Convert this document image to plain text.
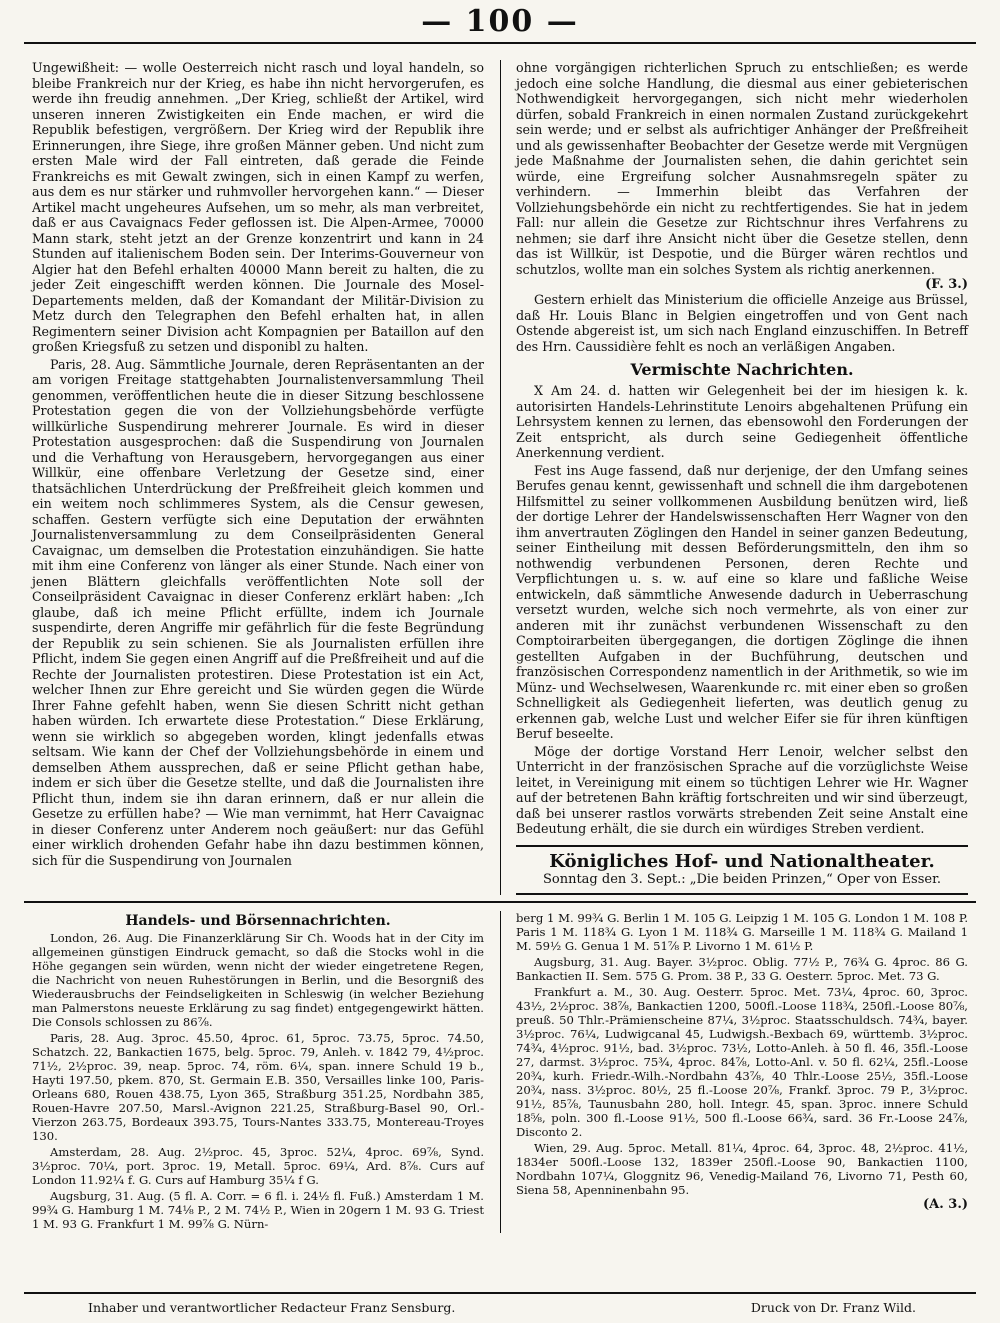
— 100 —

Ungewißheit: — wolle Oesterreich nicht rasch und loyal handeln, so bleibe Frankreich nur der Krieg, es habe ihn nicht hervorgerufen, es werde ihn freudig annehmen. „Der Krieg, schließt der Artikel, wird unseren inneren Zwistigkeiten ein Ende machen, er wird die Republik befestigen, vergrößern. Der Krieg wird der Republik ihre Erinnerungen, ihre Siege, ihre großen Männer geben. Und nicht zum ersten Male wird der Fall eintreten, daß gerade die Feinde Frankreichs es mit Gewalt zwingen, sich in einen Kampf zu werfen, aus dem es nur stärker und ruhmvoller hervorgehen kann.“ — Dieser Artikel macht ungeheures Aufsehen, um so mehr, als man verbreitet, daß er aus Cavaignacs Feder geflossen ist. Die Alpen-Armee, 70000 Mann stark, steht jetzt an der Grenze konzentrirt und kann in 24 Stunden auf italienischem Boden sein. Der Interims-Gouverneur von Algier hat den Befehl erhalten 40000 Mann bereit zu halten, die zu jeder Zeit eingeschifft werden können. Die Journale des Mosel-Departements melden, daß der Komandant der Militär-Division zu Metz durch den Telegraphen den Befehl erhalten hat, in allen Regimentern seiner Division acht Kompagnien per Bataillon auf den großen Kriegsfuß zu setzen und disponibl zu halten.

Paris, 28. Aug. Sämmtliche Journale, deren Repräsentanten an der am vorigen Freitage stattgehabten Journalistenversammlung Theil genommen, veröffentlichen heute die in dieser Sitzung beschlossene Protestation gegen die von der Vollziehungsbehörde verfügte willkürliche Suspendirung mehrerer Journale. Es wird in dieser Protestation ausgesprochen: daß die Suspendirung von Journalen und die Verhaftung von Herausgebern, hervorgegangen aus einer Willkür, eine offenbare Verletzung der Gesetze sind, einer thatsächlichen Unterdrückung der Preßfreiheit gleich kommen und ein weitem noch schlimmeres System, als die Censur gewesen, schaffen. Gestern verfügte sich eine Deputation der erwähnten Journalistenversammlung zu dem Conseilpräsidenten General Cavaignac, um demselben die Protestation einzuhändigen. Sie hatte mit ihm eine Conferenz von länger als einer Stunde. Nach einer von jenen Blättern gleichfalls veröffentlichten Note soll der Conseilpräsident Cavaignac in dieser Conferenz erklärt haben: „Ich glaube, daß ich meine Pflicht erfüllte, indem ich Journale suspendirte, deren Angriffe mir gefährlich für die feste Begründung der Republik zu sein schienen. Sie als Journalisten erfüllen ihre Pflicht, indem Sie gegen einen Angriff auf die Preßfreiheit und auf die Rechte der Journalisten protestiren. Diese Protestation ist ein Act, welcher Ihnen zur Ehre gereicht und Sie würden gegen die Würde Ihrer Fahne gefehlt haben, wenn Sie diesen Schritt nicht gethan haben würden. Ich erwartete diese Protestation.“ Diese Erklärung, wenn sie wirklich so abgegeben worden, klingt jedenfalls etwas seltsam. Wie kann der Chef der Vollziehungsbehörde in einem und demselben Athem aussprechen, daß er seine Pflicht gethan habe, indem er sich über die Gesetze stellte, und daß die Journalisten ihre Pflicht thun, indem sie ihn daran erinnern, daß er nur allein die Gesetze zu erfüllen habe? — Wie man vernimmt, hat Herr Cavaignac in dieser Conferenz unter Anderem noch geäußert: nur das Gefühl einer wirklich drohenden Gefahr habe ihn dazu bestimmen können, sich für die Suspendirung von Journalen

ohne vorgängigen richterlichen Spruch zu entschließen; es werde jedoch eine solche Handlung, die diesmal aus einer gebieterischen Nothwendigkeit hervorgegangen, sich nicht mehr wiederholen dürfen, sobald Frankreich in einen normalen Zustand zurückgekehrt sein werde; und er selbst als aufrichtiger Anhänger der Preßfreiheit und als gewissenhafter Beobachter der Gesetze werde mit Vergnügen jede Maßnahme der Journalisten sehen, die dahin gerichtet sein würde, eine Ergreifung solcher Ausnahmsregeln später zu verhindern. — Immerhin bleibt das Verfahren der Vollziehungsbehörde ein nicht zu rechtfertigendes. Sie hat in jedem Fall: nur allein die Gesetze zur Richtschnur ihres Verfahrens zu nehmen; sie darf ihre Ansicht nicht über die Gesetze stellen, denn das ist Willkür, ist Despotie, und die Bürger wären rechtlos und schutzlos, wollte man ein solches System als richtig anerkennen.

(F. 3.)

Gestern erhielt das Ministerium die officielle Anzeige aus Brüssel, daß Hr. Louis Blanc in Belgien eingetroffen und von Gent nach Ostende abgereist ist, um sich nach England einzuschiffen. In Betreff des Hrn. Caussidière fehlt es noch an verläßigen Angaben.

Vermischte Nachrichten.

X Am 24. d. hatten wir Gelegenheit bei der im hiesigen k. k. autorisirten Handels-Lehrinstitute Lenoirs abgehaltenen Prüfung ein Lehrsystem kennen zu lernen, das ebensowohl den Forderungen der Zeit entspricht, als durch seine Gediegenheit öffentliche Anerkennung verdient.

Fest ins Auge fassend, daß nur derjenige, der den Umfang seines Berufes genau kennt, gewissenhaft und schnell die ihm dargebotenen Hilfsmittel zu seiner vollkommenen Ausbildung benützen wird, ließ der dortige Lehrer der Handelswissenschaften Herr Wagner von den ihm anvertrauten Zöglingen den Handel in seiner ganzen Bedeutung, seiner Eintheilung mit dessen Beförderungsmitteln, den ihm so nothwendig verbundenen Personen, deren Rechte und Verpflichtungen u. s. w. auf eine so klare und faßliche Weise entwickeln, daß sämmtliche Anwesende dadurch in Ueberraschung versetzt wurden, welche sich noch vermehrte, als von einer zur anderen mit ihr zunächst verbundenen Wissenschaft zu den Comptoirarbeiten übergegangen, die dortigen Zöglinge die ihnen gestellten Aufgaben in der Buchführung, deutschen und französischen Correspondenz namentlich in der Arithmetik, so wie im Münz- und Wechselwesen, Waarenkunde rc. mit einer eben so großen Schnelligkeit als Gediegenheit lieferten, was deutlich genug zu erkennen gab, welche Lust und welcher Eifer sie für ihren künftigen Beruf beseelte.

Möge der dortige Vorstand Herr Lenoir, welcher selbst den Unterricht in der französischen Sprache auf die vorzüglichste Weise leitet, in Vereinigung mit einem so tüchtigen Lehrer wie Hr. Wagner auf der betretenen Bahn kräftig fortschreiten und wir sind überzeugt, daß bei unserer rastlos vorwärts strebenden Zeit seine Anstalt eine Bedeutung erhält, die sie durch ein würdiges Streben verdient.

Königliches Hof- und Nationaltheater.
Sonntag den 3. Sept.: „Die beiden Prinzen,“ Oper von Esser.
Handels- und Börsennachrichten.

London, 26. Aug. Die Finanzerklärung Sir Ch. Woods hat in der City im allgemeinen günstigen Eindruck gemacht, so daß die Stocks wohl in die Höhe gegangen sein würden, wenn nicht der wieder eingetretene Regen, die Nachricht von neuen Ruhestörungen in Berlin, und die Besorgniß des Wiederausbruchs der Feindseligkeiten in Schleswig (in welcher Beziehung man Palmerstons neueste Erklärung zu sag findet) entgegengewirkt hätten. Die Consols schlossen zu 86⅞.

Paris, 28. Aug. 3proc. 45.50, 4proc. 61, 5proc. 73.75, 5proc. 74.50, Schatzch. 22, Bankactien 1675, belg. 5proc. 79, Anleh. v. 1842 79, 4½proc. 71½, 2½proc. 39, neap. 5proc. 74, röm. 6¼, span. innere Schuld 19 b., Hayti 197.50, pkem. 870, St. Germain E.B. 350, Versailles linke 100, Paris-Orleans 680, Rouen 438.75, Lyon 365, Straßburg 351.25, Nordbahn 385, Rouen-Havre 207.50, Marsl.-Avignon 221.25, Straßburg-Basel 90, Orl.-Vierzon 263.75, Bordeaux 393.75, Tours-Nantes 333.75, Montereau-Troyes 130.

Amsterdam, 28. Aug. 2½proc. 45, 3proc. 52¼, 4proc. 69⅞, Synd. 3½proc. 70¼, port. 3proc. 19, Metall. 5proc. 69¼, Ard. 8⅞. Curs auf London 11.92¼ f. G. Curs auf Hamburg 35¼ f G.

Augsburg, 31. Aug. (5 fl. A. Corr. = 6 fl. i. 24½ fl. Fuß.) Amsterdam 1 M. 99¾ G. Hamburg 1 M. 74⅛ P., 2 M. 74½ P., Wien in 20gern 1 M. 93 G. Triest 1 M. 93 G. Frankfurt 1 M. 99⅞ G. Nürn-

berg 1 M. 99¾ G. Berlin 1 M. 105 G. Leipzig 1 M. 105 G. London 1 M. 108 P. Paris 1 M. 118¾ G. Lyon 1 M. 118¾ G. Marseille 1 M. 118¾ G. Mailand 1 M. 59½ G. Genua 1 M. 51⅞ P. Livorno 1 M. 61½ P.

Augsburg, 31. Aug. Bayer. 3½proc. Oblig. 77½ P., 76¾ G. 4proc. 86 G. Bankactien II. Sem. 575 G. Prom. 38 P., 33 G. Oesterr. 5proc. Met. 73 G.

Frankfurt a. M., 30. Aug. Oesterr. 5proc. Met. 73¼, 4proc. 60, 3proc. 43½, 2½proc. 38⅞, Bankactien 1200, 500fl.-Loose 118¾, 250fl.-Loose 80⅞, preuß. 50 Thlr.-Prämienscheine 87¼, 3½proc. Staatsschuldsch. 74¾, bayer. 3½proc. 76¼, Ludwigcanal 45, Ludwigsh.-Bexbach 69, württemb. 3½proc. 74¾, 4½proc. 91½, bad. 3½proc. 73½, Lotto-Anleh. à 50 fl. 46, 35fl.-Loose 27, darmst. 3½proc. 75¾, 4proc. 84⅞, Lotto-Anl. v. 50 fl. 62¼, 25fl.-Loose 20¾, kurh. Friedr.-Wilh.-Nordbahn 43⅞, 40 Thlr.-Loose 25½, 35fl.-Loose 20¾, nass. 3½proc. 80½, 25 fl.-Loose 20⅞, Frankf. 3proc. 79 P., 3½proc. 91½, 85⅞, Taunusbahn 280, holl. Integr. 45, span. 3proc. innere Schuld 18⅝, poln. 300 fl.-Loose 91½, 500 fl.-Loose 66¾, sard. 36 Fr.-Loose 24⅞, Disconto 2.

Wien, 29. Aug. 5proc. Metall. 81¼, 4proc. 64, 3proc. 48, 2½proc. 41½, 1834er 500fl.-Loose 132, 1839er 250fl.-Loose 90, Bankactien 1100, Nordbahn 107¼, Gloggnitz 96, Venedig-Mailand 76, Livorno 71, Pesth 60, Siena 58, Apenninenbahn 95.

(A. 3.)
Inhaber und verantwortlicher Redacteur Franz Sensburg.	Druck von Dr. Franz Wild.
